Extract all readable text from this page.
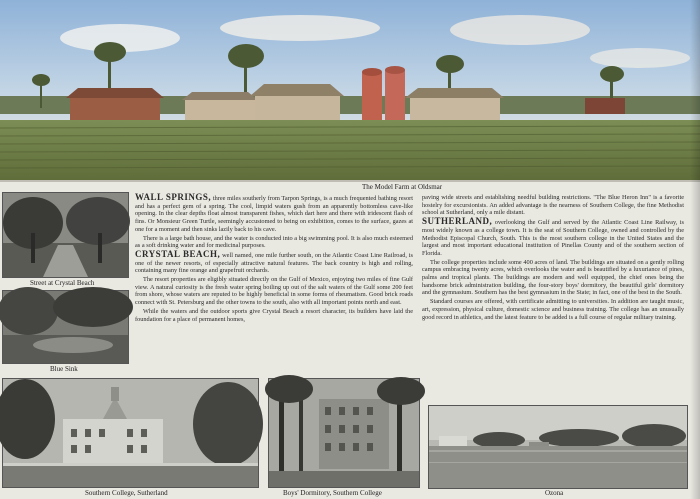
The Model Farm at Oldsmar
Street at Crystal Beach
Blue Sink

WALL SPRINGS, three miles southerly from Tarpon Springs, is a much frequented bathing resort and has a perfect gem of a spring. The cool, limpid waters gush from an apparently bottomless cave-like opening. In the clear depths float almost transparent fishes, which dart here and there with iridescent flash of fins. Or Monsieur Green Turtle, seemingly accustomed to being on exhibition, comes to the surface, gazes at one for a moment and then sinks lazily back to his cave.

There is a large bath house, and the water is conducted into a big swimming pool. It is also much esteemed as a soft drinking water and for medicinal purposes.

CRYSTAL BEACH, well named, one mile further south, on the Atlantic Coast Line Railroad, is one of the newer resorts, of especially attractive natural features. The back country is high and rolling, containing many fine orange and grapefruit orchards.

The resort properties are eligibly situated directly on the Gulf of Mexico, enjoying two miles of fine Gulf view. A natural curiosity is the fresh water spring boiling up out of the salt waters of the Gulf some 200 feet from shore, whose waters are reputed to be highly beneficial in some forms of rheumatism. Good brick roads connect with St. Petersburg and the other towns to the south, also with all important points north and east.

While the waters and the outdoor sports give Crystal Beach a resort character, its builders have laid the foundation for a place of permanent homes,

paving wide streets and establishing needful building restrictions. "The Blue Heron Inn" is a favorite hostelry for excursionists. An added advantage is the nearness of Southern College, the fine Methodist school at Sutherland, only a mile distant.

SUTHERLAND, overlooking the Gulf and served by the Atlantic Coast Line Railway, is most widely known as a college town. It is the seat of Southern College, owned and controlled by the Methodist Episcopal Church, South. This is the most southern college in the United States and the largest and most important educational institution of Pinellas County and of the southern section of Florida.

The college properties include some 400 acres of land. The buildings are situated on a gently rolling campus embracing twenty acres, which overlooks the water and is beautified by a luxuriance of pines, palms and tropical plants. The buildings are modern and well equipped, the chief ones being the handsome brick administration building, the four-story boys' dormitory, the beautiful girls' dormitory and the gymnasium. Southern has the best gymnasium in the State; in fact, one of the best in the South.

Standard courses are offered, with certificate admitting to universities. In addition are taught music, art, expression, physical culture, domestic science and business training. The college has an unusually good record in athletics, and the latest feature to be added is a full course of regular military training.

Southern College, Sutherland	Boys' Dormitory, Southern College	Ozona
